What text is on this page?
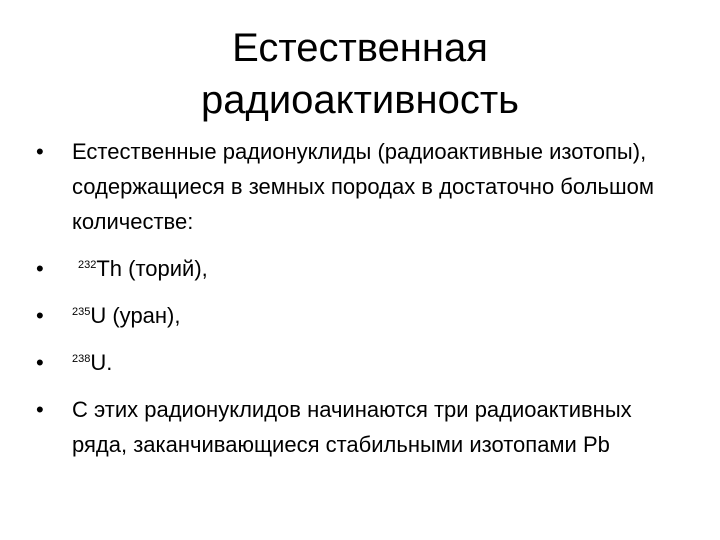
Естественная
радиоактивность
• Естественные радионуклиды (радиоактивные изотопы), содержащиеся в земных породах в достаточно большом количестве:
•	$^{232}$Th (торий),
•	$^{235}$U (уран),
•	$^{238}$U.
• С этих радионуклидов начинаются три радиоактивных ряда, заканчивающиеся стабильными изотопами Pb
